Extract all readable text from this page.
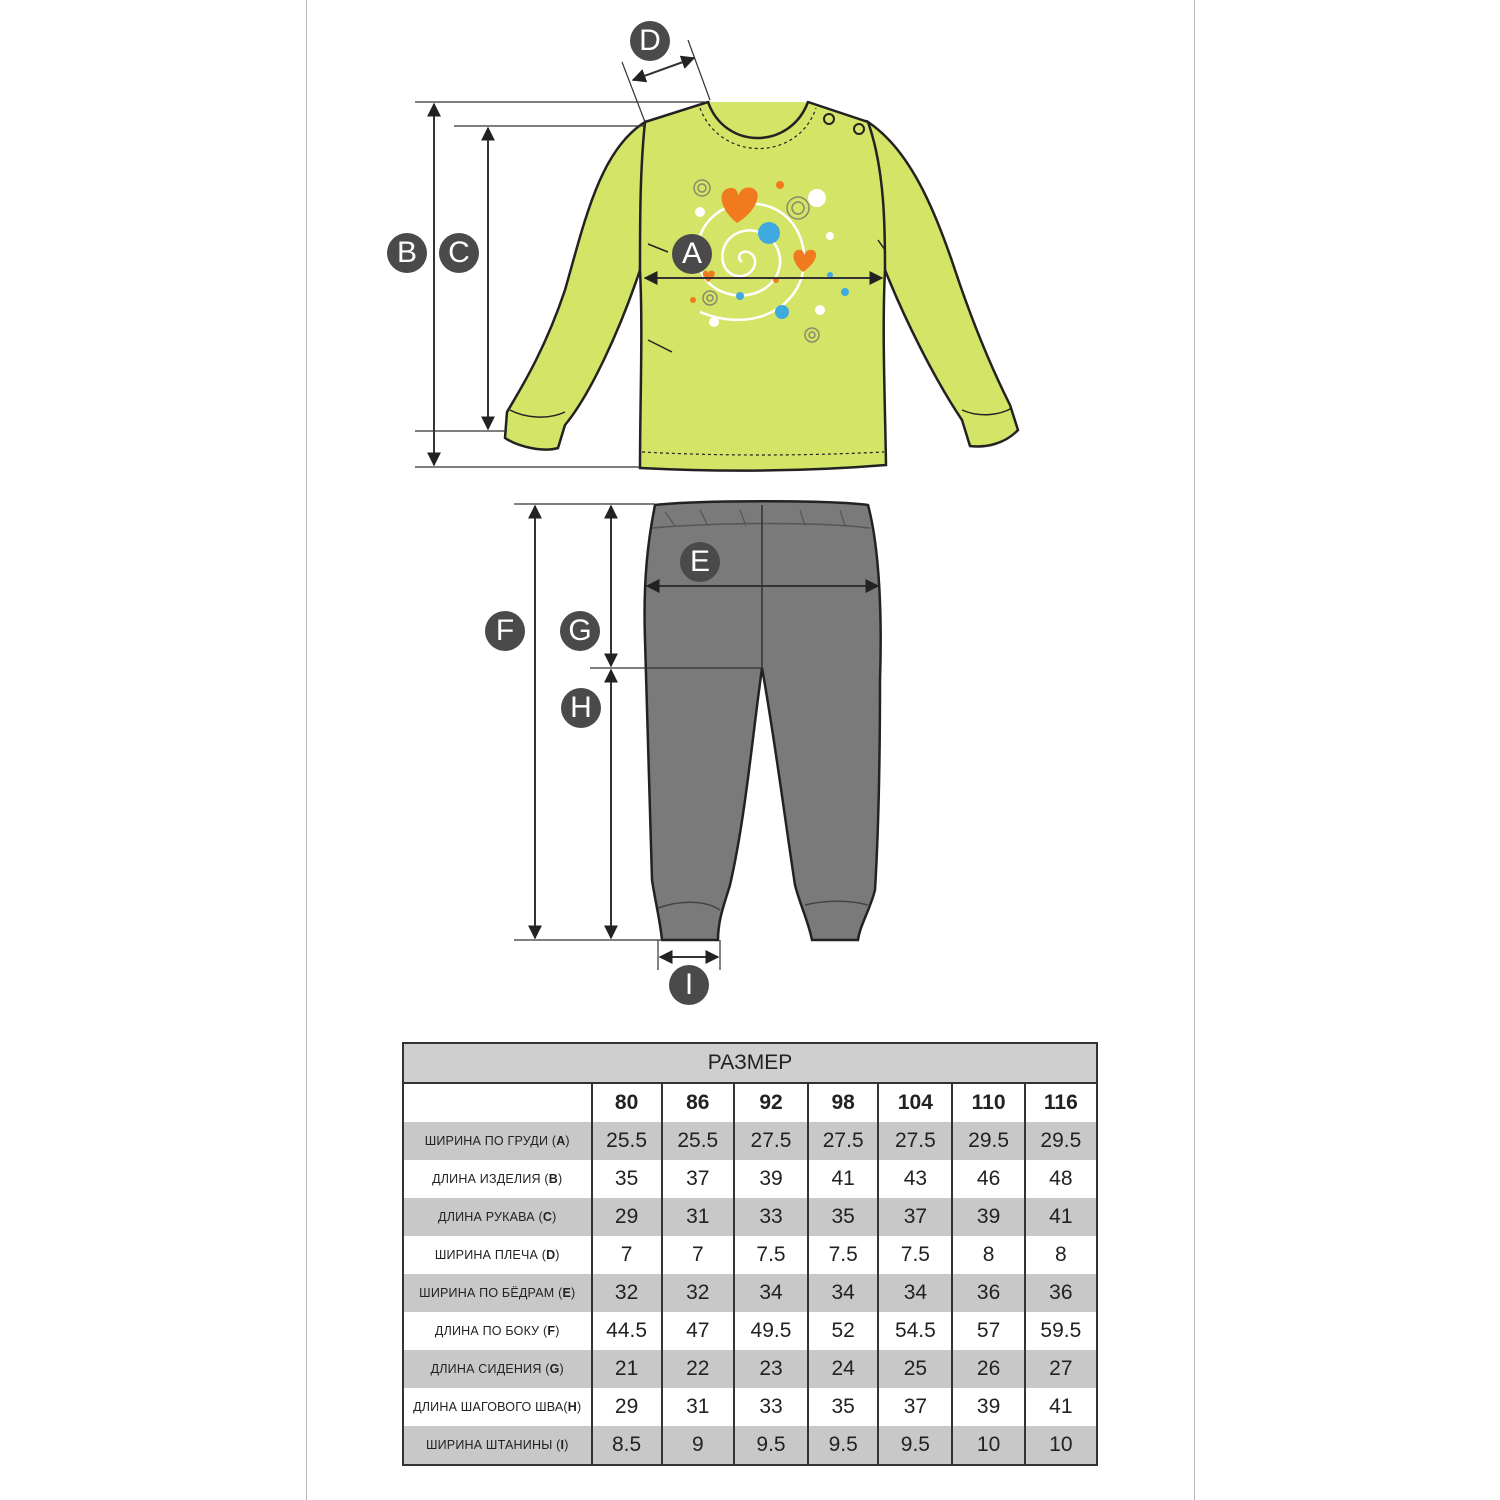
D
B	C	A
E
F	G
H
I
РАЗМЕР							
	80	86	92	98	104	110	116
ШИРИНА ПО ГРУДИ (A)	25.5	25.5	27.5	27.5	27.5	29.5	29.5
ДЛИНА ИЗДЕЛИЯ (B)	35	37	39	41	43	46	48
ДЛИНА РУКАВА (C)	29	31	33	35	37	39	41
ШИРИНА ПЛЕЧА (D)	7	7	7.5	7.5	7.5	8	8
ШИРИНА ПО БЁДРАМ (E)	32	32	34	34	34	36	36
ДЛИНА ПО БОКУ (F)	44.5	47	49.5	52	54.5	57	59.5
ДЛИНА СИДЕНИЯ (G)	21	22	23	24	25	26	27
ДЛИНА ШАГОВОГО ШВА(H)	29	31	33	35	37	39	41
ШИРИНА ШТАНИНЫ (I)	8.5	9	9.5	9.5	9.5	10	10
